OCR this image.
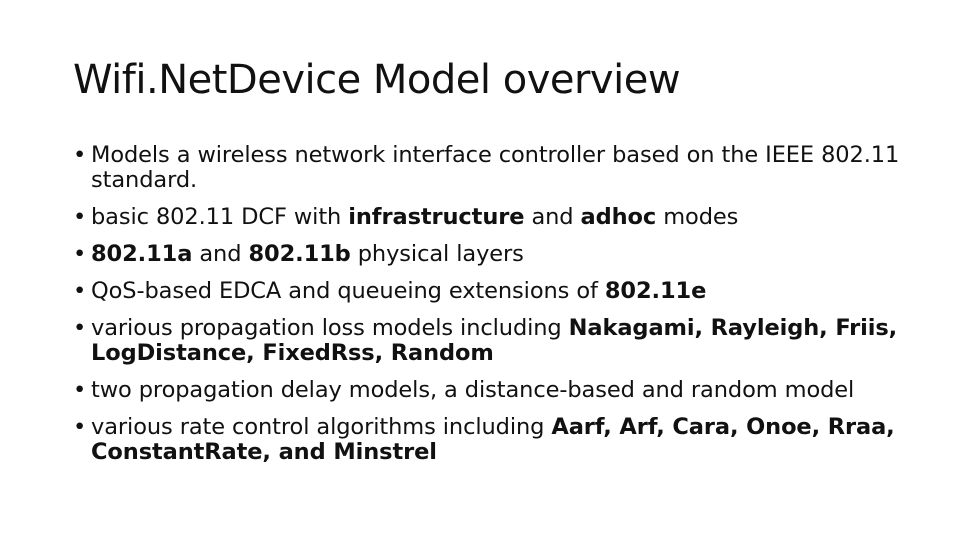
Wifi.NetDevice Model overview
• Models a wireless network interface controller based on the IEEE 802.11 standard.
• basic 802.11 DCF with infrastructure and adhoc modes
• 802.11a and 802.11b physical layers
• QoS-based EDCA and queueing extensions of 802.11e
• various propagation loss models including Nakagami, Rayleigh, Friis, LogDistance, FixedRss, Random
• two propagation delay models, a distance-based and random model
• various rate control algorithms including Aarf, Arf, Cara, Onoe, Rraa, ConstantRate, and Minstrel
